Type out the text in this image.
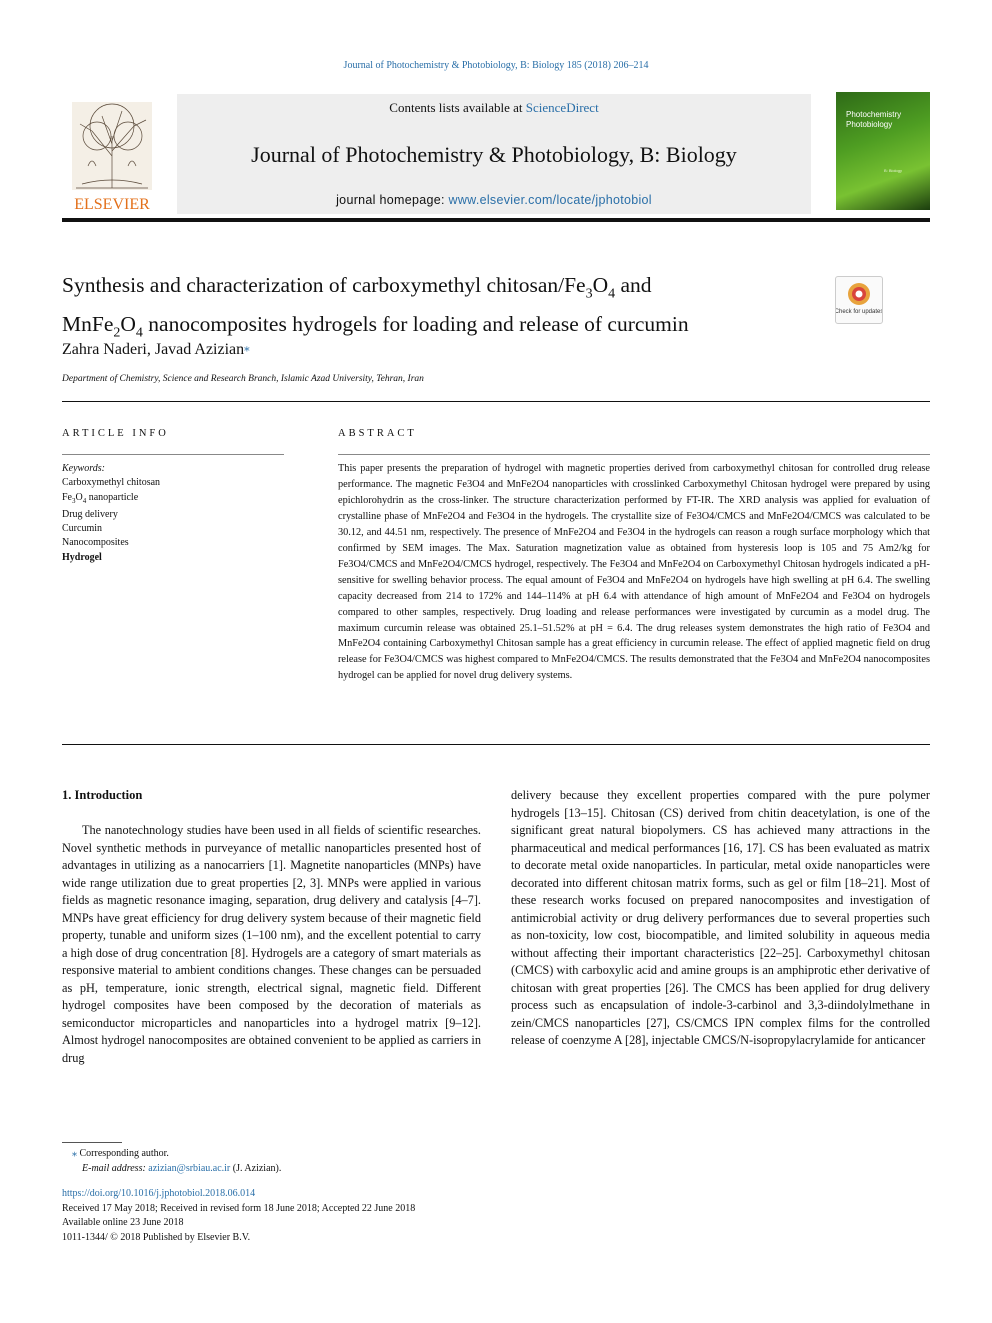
Journal of Photochemistry & Photobiology, B: Biology 185 (2018) 206–214
ELSEVIER
Contents lists available at ScienceDirect
Journal of Photochemistry & Photobiology, B: Biology
journal homepage: www.elsevier.com/locate/jphotobiol
Photochemistry
Photobiology
B: Biology
Synthesis and characterization of carboxymethyl chitosan/$Fe_3O_4$ and
$MnFe_2O_4$ nanocomposites hydrogels for loading and release of curcumin
Check for updates
Zahra Naderi, Javad Azizian⁎
Department of Chemistry, Science and Research Branch, Islamic Azad University, Tehran, Iran
ARTICLE INFO	ABSTRACT
Keywords:
Carboxymethyl chitosan
$Fe_3O_4$ nanoparticle
Drug delivery
Curcumin
Nanocomposites
Hydrogel
This paper presents the preparation of hydrogel with magnetic properties derived from carboxymethyl chitosan for controlled drug release performance. The magnetic Fe3O4 and MnFe2O4 nanoparticles with crosslinked Carboxymethyl Chitosan hydrogel were prepared by using epichlorohydrin as the cross-linker. The structure characterization performed by FT-IR. The XRD analysis was applied for evaluation of crystalline phase of MnFe2O4 and Fe3O4 in the hydrogels. The crystallite size of Fe3O4/CMCS and MnFe2O4/CMCS was calculated to be 30.12, and 44.51 nm, respectively. The presence of MnFe2O4 and Fe3O4 in the hydrogels can reason a rough surface morphology which that confirmed by SEM images. The Max. Saturation magnetization value as obtained from hysteresis loop is 105 and 75 Am2/kg for Fe3O4/CMCS and MnFe2O4/CMCS hydrogel, respectively. The Fe3O4 and MnFe2O4 on Carboxymethyl Chitosan hydrogels indicated a pH-sensitive for swelling behavior process. The equal amount of Fe3O4 and MnFe2O4 on hydrogels have high swelling at pH 6.4. The swelling capacity decreased from 214 to 172% and 144–114% at pH 6.4 with attendance of high amount of MnFe2O4 and Fe3O4 on hydrogels compared to other samples, respectively. Drug loading and release performances were investigated by curcumin as a model drug. The maximum curcumin release was obtained 25.1–51.52% at pH = 6.4. The drug releases system demonstrates the high ratio of Fe3O4 and MnFe2O4 containing Carboxymethyl Chitosan sample has a great efficiency in curcumin release. The effect of applied magnetic field on drug release for Fe3O4/CMCS was highest compared to MnFe2O4/CMCS. The results demonstrated that the Fe3O4 and MnFe2O4 nanocomposites hydrogel can be applied for novel drug delivery systems.
1. Introduction
The nanotechnology studies have been used in all fields of scientific researches. Novel synthetic methods in purveyance of metallic nanoparticles presented host of advantages in utilizing as a nanocarriers [1]. Magnetite nanoparticles (MNPs) have wide range utilization due to great properties [2, 3]. MNPs were applied in various fields as magnetic resonance imaging, separation, drug delivery and catalysis [4–7]. MNPs have great efficiency for drug delivery system because of their magnetic field property, tunable and uniform sizes (1–100 nm), and the excellent potential to carry a high dose of drug concentration [8]. Hydrogels are a category of smart materials as responsive material to ambient conditions changes. These changes can be persuaded as pH, temperature, ionic strength, electrical signal, magnetic field. Different hydrogel composites have been composed by the decoration of materials as semiconductor microparticles and nanoparticles into a hydrogel matrix [9–12]. Almost hydrogel nanocomposites are obtained convenient to be applied as carriers in drug
delivery because they excellent properties compared with the pure polymer hydrogels [13–15]. Chitosan (CS) derived from chitin deacetylation, is one of the significant great natural biopolymers. CS has achieved many attractions in the pharmaceutical and medical performances [16, 17]. CS has been evaluated as matrix to decorate metal oxide nanoparticles. In particular, metal oxide nanoparticles were decorated into different chitosan matrix forms, such as gel or film [18–21]. Most of these research works focused on prepared nanocomposites and investigation of antimicrobial activity or drug delivery performances due to several properties such as non-toxicity, low cost, biocompatible, and limited solubility in aqueous media without affecting their important characteristics [22–25]. Carboxymethyl chitosan (CMCS) with carboxylic acid and amine groups is an amphiprotic ether derivative of chitosan with great properties [26]. The CMCS has been applied for drug delivery process such as encapsulation of indole-3-carbinol and 3,3-diindolylmethane in zein/CMCS nanoparticles [27], CS/CMCS IPN complex films for the controlled release of coenzyme A [28], injectable CMCS/N-isopropylacrylamide for anticancer
⁎ Corresponding author.
E-mail address: azizian@srbiau.ac.ir (J. Azizian).
https://doi.org/10.1016/j.jphotobiol.2018.06.014
Received 17 May 2018; Received in revised form 18 June 2018; Accepted 22 June 2018
Available online 23 June 2018
1011-1344/ © 2018 Published by Elsevier B.V.
